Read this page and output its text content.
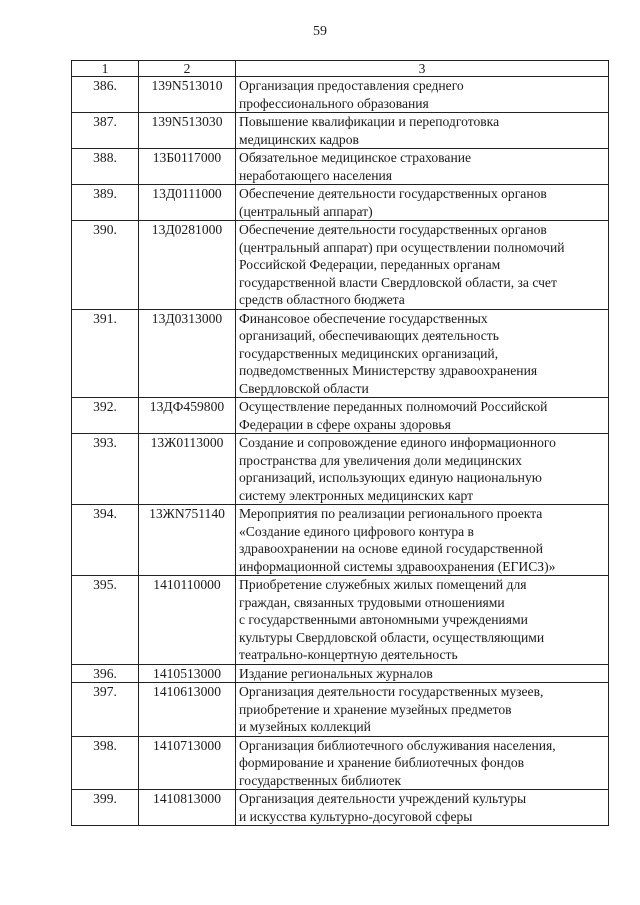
59
1	2	3
386.	139N513010	Организация предоставления среднего
профессионального образования

387.	139N513030	Повышение квалификации и переподготовка
медицинских кадров

388.	13Б0117000	Обязательное медицинское страхование
неработающего населения

389.	13Д0111000	Обеспечение деятельности государственных органов
(центральный аппарат)

390.	13Д0281000	Обеспечение деятельности государственных органов
(центральный аппарат) при осуществлении полномочий
Российской Федерации, переданных органам
государственной власти Свердловской области, за счет
средств областного бюджета

391.	13Д0313000	Финансовое обеспечение государственных
организаций, обеспечивающих деятельность
государственных медицинских организаций,
подведомственных Министерству здравоохранения
Свердловской области

392.	13ДФ459800	Осуществление переданных полномочий Российской
Федерации в сфере охраны здоровья

393.	13Ж0113000	Создание и сопровождение единого информационного
пространства для увеличения доли медицинских
организаций, использующих единую национальную
систему электронных медицинских карт

394.	13ЖN751140	Мероприятия по реализации регионального проекта
«Создание единого цифрового контура в
здравоохранении на основе единой государственной
информационной системы здравоохранения (ЕГИСЗ)»

395.	1410110000	Приобретение служебных жилых помещений для
граждан, связанных трудовыми отношениями
с государственными автономными учреждениями
культуры Свердловской области, осуществляющими
театрально-концертную деятельность

396.	1410513000	Издание региональных журналов

397.	1410613000	Организация деятельности государственных музеев,
приобретение и хранение музейных предметов
и музейных коллекций

398.	1410713000	Организация библиотечного обслуживания населения,
формирование и хранение библиотечных фондов
государственных библиотек

399.	1410813000	Организация деятельности учреждений культуры
и искусства культурно-досуговой сферы
